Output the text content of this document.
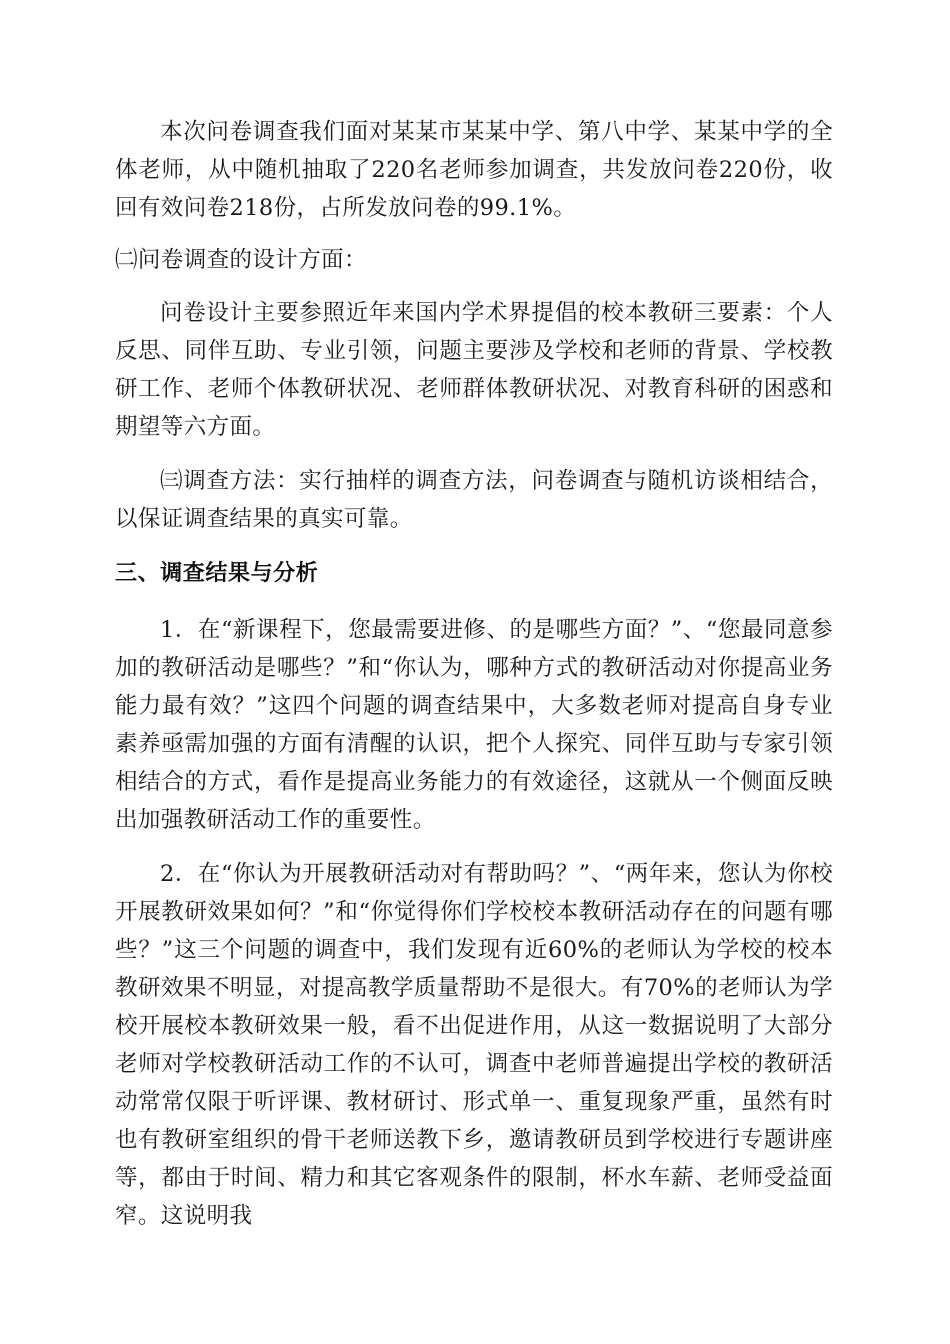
本次问卷调查我们面对某某市某某中学、第八中学、某某中学的全体老师，从中随机抽取了220名老师参加调查，共发放问卷220份，收回有效问卷218份，占所发放问卷的99.1%。

㈡问卷调查的设计方面：

问卷设计主要参照近年来国内学术界提倡的校本教研三要素：个人反思、同伴互助、专业引领，问题主要涉及学校和老师的背景、学校教研工作、老师个体教研状况、老师群体教研状况、对教育科研的困惑和期望等六方面。

㈢调查方法：实行抽样的调查方法，问卷调查与随机访谈相结合，以保证调查结果的真实可靠。

三、调查结果与分析

1．在“新课程下，您最需要进修、的是哪些方面？”、“您最同意参加的教研活动是哪些？”和“你认为，哪种方式的教研活动对你提高业务能力最有效？”这四个问题的调查结果中，大多数老师对提高自身专业素养亟需加强的方面有清醒的认识，把个人探究、同伴互助与专家引领相结合的方式，看作是提高业务能力的有效途径，这就从一个侧面反映出加强教研活动工作的重要性。

2．在“你认为开展教研活动对有帮助吗？”、“两年来，您认为你校开展教研效果如何？”和“你觉得你们学校校本教研活动存在的问题有哪些？”这三个问题的调查中，我们发现有近60%的老师认为学校的校本教研效果不明显，对提高教学质量帮助不是很大。有70%的老师认为学校开展校本教研效果一般，看不出促进作用，从这一数据说明了大部分老师对学校教研活动工作的不认可，调查中老师普遍提出学校的教研活动常常仅限于听评课、教材研讨、形式单一、重复现象严重，虽然有时也有教研室组织的骨干老师送教下乡，邀请教研员到学校进行专题讲座等，都由于时间、精力和其它客观条件的限制，杯水车薪、老师受益面窄。这说明我
